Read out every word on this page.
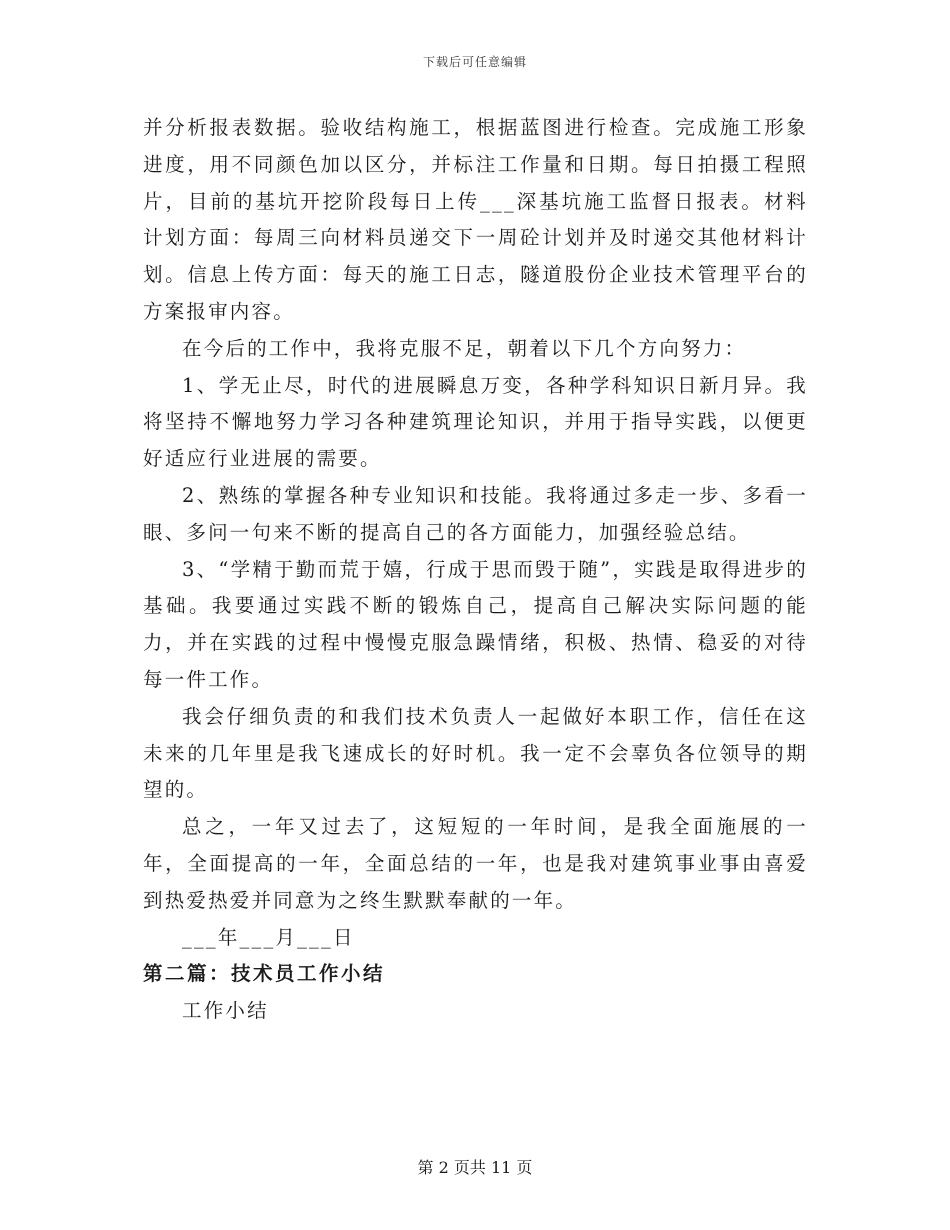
下载后可任意编辑

并分析报表数据。验收结构施工，根据蓝图进行检查。完成施工形象进度，用不同颜色加以区分，并标注工作量和日期。每日拍摄工程照片，目前的基坑开挖阶段每日上传___深基坑施工监督日报表。材料计划方面：每周三向材料员递交下一周砼计划并及时递交其他材料计划。信息上传方面：每天的施工日志，隧道股份企业技术管理平台的方案报审内容。

在今后的工作中，我将克服不足，朝着以下几个方向努力：

1、学无止尽，时代的进展瞬息万变，各种学科知识日新月异。我将坚持不懈地努力学习各种建筑理论知识，并用于指导实践，以便更好适应行业进展的需要。

2、熟练的掌握各种专业知识和技能。我将通过多走一步、多看一眼、多问一句来不断的提高自己的各方面能力，加强经验总结。

3、“学精于勤而荒于嬉，行成于思而毁于随”，实践是取得进步的基础。我要通过实践不断的锻炼自己，提高自己解决实际问题的能力，并在实践的过程中慢慢克服急躁情绪，积极、热情、稳妥的对待每一件工作。

我会仔细负责的和我们技术负责人一起做好本职工作，信任在这未来的几年里是我飞速成长的好时机。我一定不会辜负各位领导的期望的。

总之，一年又过去了，这短短的一年时间，是我全面施展的一年，全面提高的一年，全面总结的一年，也是我对建筑事业事由喜爱到热爱热爱并同意为之终生默默奉献的一年。

___年___月___日

第二篇：技术员工作小结

工作小结

第 2 页共 11 页
